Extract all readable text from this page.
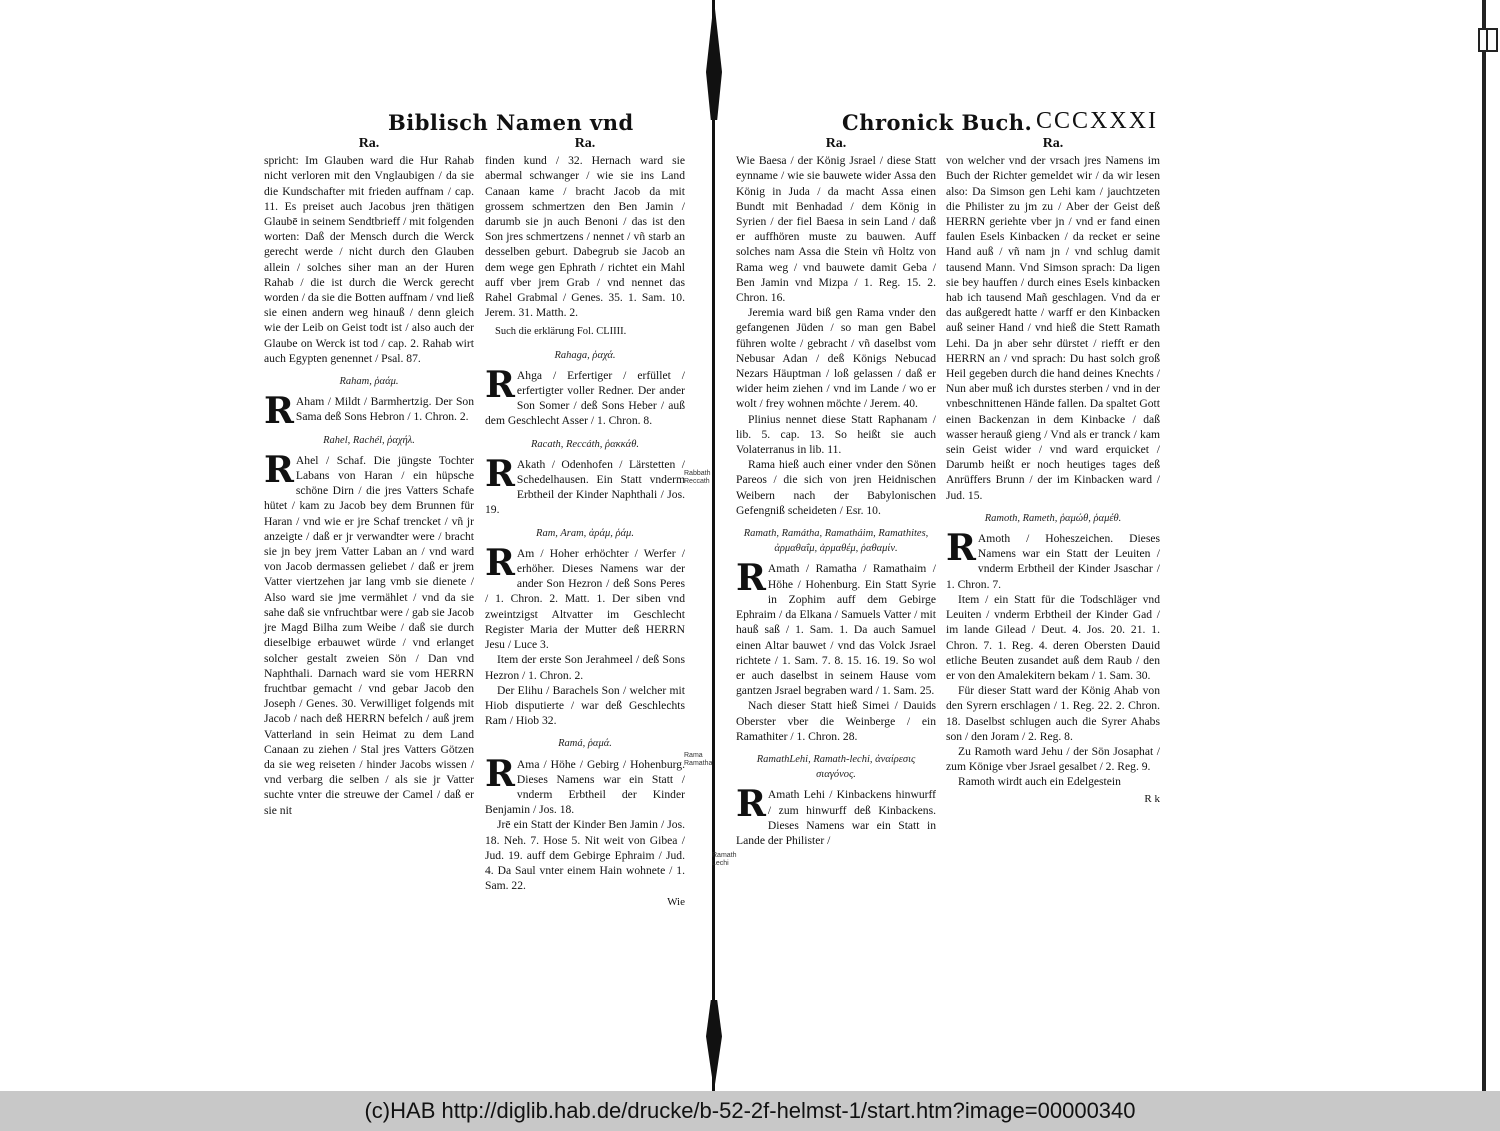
Biblisch Namen vnd	Chronick Buch. CCCXXXI
Ra.

spricht: Im Glauben ward die Hur Rahab nicht verloren mit den Vnglaubigen / da sie die Kundschafter mit frieden auffnam / cap. 11. Es preiset auch Jacobus jren thätigen Glaubē in seinem Sendtbrieff / mit folgenden worten: Daß der Mensch durch die Werck gerecht werde / nicht durch den Glauben allein / solches siher man an der Huren Rahab / die ist durch die Werck gerecht worden / da sie die Botten auffnam / vnd ließ sie einen andern weg hinauß / denn gleich wie der Leib on Geist todt ist / also auch der Glaube on Werck ist tod / cap. 2. Rahab wirt auch Egypten genennet / Psal. 87.

Raham, ῥαάμ.

R Aham / Mildt / Barmhertzig. Der Son Sama deß Sons Hebron / 1. Chron. 2.

Rahel, Rachél, ῥαχήλ.

R Ahel / Schaf. Die jüngste Tochter Labans von Haran / ein hüpsche schöne Dirn / die jres Vatters Schafe hütet / kam zu Jacob bey dem Brunnen für Haran / vnd wie er jre Schaf trencket / vñ jr anzeigte / daß er jr verwandter were / bracht sie jn bey jrem Vatter Laban an / vnd ward von Jacob dermassen geliebet / daß er jrem Vatter viertzehen jar lang vmb sie dienete / Also ward sie jme vermählet / vnd da sie sahe daß sie vnfruchtbar were / gab sie Jacob jre Magd Bilha zum Weibe / daß sie durch dieselbige erbauwet würde / vnd erlanget solcher gestalt zweien Sön / Dan vnd Naphthali. Darnach ward sie vom HERRN fruchtbar gemacht / vnd gebar Jacob den Joseph / Genes. 30. Verwilliget folgends mit Jacob / nach deß HERRN befelch / auß jrem Vatterland in sein Heimat zu dem Land Canaan zu ziehen / Stal jres Vatters Götzen da sie weg reiseten / hinder Jacobs wissen / vnd verbarg die selben / als sie jr Vatter suchte vnter die streuwe der Camel / daß er sie nit

Ra.

finden kund / 32. Hernach ward sie abermal schwanger / wie sie ins Land Canaan kame / bracht Jacob da mit grossem schmertzen den Ben Jamin / darumb sie jn auch Benoni / das ist den Son jres schmertzens / nennet / vñ starb an desselben geburt. Dabegrub sie Jacob an dem wege gen Ephrath / richtet ein Mahl auff vber jrem Grab / vnd nennet das Rahel Grabmal / Genes. 35. 1. Sam. 10. Jerem. 31. Matth. 2.

Such die erklärung Fol. CLIIII.
Rahaga, ῥαχά.

R Ahga / Erfertiger / erfüllet / erfertigter voller Redner. Der ander Son Somer / deß Sons Heber / auß dem Geschlecht Asser / 1. Chron. 8.

Racath, Reccáth, ῥακκάθ.

R Akath / Odenhofen / Lärstetten / Schedelhausen. Ein Statt vnderm Erbtheil der Kinder Naphthali / Jos. 19.

Ram, Aram, ἀράμ, ῥάμ.

R Am / Hoher erhöchter / Werfer / erhöher. Dieses Namens war der ander Son Hezron / deß Sons Peres / 1. Chron. 2. Matt. 1. Der siben vnd zweintzigst Altvatter im Geschlecht Register Maria der Mutter deß HERRN Jesu / Luce 3.

Item der erste Son Jerahmeel / deß Sons Hezron / 1. Chron. 2.

Der Elihu / Barachels Son / welcher mit Hiob disputierte / war deß Geschlechts Ram / Hiob 32.

Ramá, ῥαμά.

R Ama / Höhe / Gebirg / Hohenburg. Dieses Namens war ein Statt / vnderm Erbtheil der Kinder Benjamin / Jos. 18.

Jrē ein Statt der Kinder Ben Jamin / Jos. 18. Neh. 7. Hose 5. Nit weit von Gibea / Jud. 19. auff dem Gebirge Ephraim / Jud. 4. Da Saul vnter einem Hain wohnete / 1. Sam. 22.

Wie
Rabbath Reccath
Rama Ramatha
Ra.

Wie Baesa / der König Jsrael / diese Statt eynname / wie sie bauwete wider Assa den König in Juda / da macht Assa einen Bundt mit Benhadad / dem König in Syrien / der fiel Baesa in sein Land / daß er auffhören muste zu bauwen. Auff solches nam Assa die Stein vñ Holtz von Rama weg / vnd bauwete damit Geba / Ben Jamin vnd Mizpa / 1. Reg. 15. 2. Chron. 16.

Jeremia ward biß gen Rama vnder den gefangenen Jüden / so man gen Babel führen wolte / gebracht / vñ daselbst vom Nebusar Adan / deß Königs Nebucad Nezars Häuptman / loß gelassen / daß er wider heim ziehen / vnd im Lande / wo er wolt / frey wohnen möchte / Jerem. 40.

Plinius nennet diese Statt Raphanam / lib. 5. cap. 13. So heißt sie auch Volaterranus in lib. 11.

Rama hieß auch einer vnder den Sönen Pareos / die sich von jren Heidnischen Weibern nach der Babylonischen Gefengniß scheideten / Esr. 10.

Ramath, Ramátha, Ramatháim, Ramathites, ἀρμαθαΐμ, ἀρμαθέμ, ῥαθαμίν.

R Amath / Ramatha / Ramathaim / Höhe / Hohenburg. Ein Statt Syrie in Zophim auff dem Gebirge Ephraim / da Elkana / Samuels Vatter / mit hauß saß / 1. Sam. 1. Da auch Samuel einen Altar bauwet / vnd das Volck Jsrael richtete / 1. Sam. 7. 8. 15. 16. 19. So wol er auch daselbst in seinem Hause vom gantzen Jsrael begraben ward / 1. Sam. 25.

Nach dieser Statt hieß Simei / Dauids Oberster vber die Weinberge / ein Ramathiter / 1. Chron. 28.

RamathLehi, Ramath-lechi, ἀναίρεσις σιαγόνος.

R Amath Lehi / Kinbackens hinwurff / zum hinwurff deß Kinbackens. Dieses Namens war ein Statt in Lande der Philister /

Ramath Lechi
Ra.

von welcher vnd der vrsach jres Namens im Buch der Richter gemeldet wir / da wir lesen also: Da Simson gen Lehi kam / jauchtzeten die Philister zu jm zu / Aber der Geist deß HERRN geriehte vber jn / vnd er fand einen faulen Esels Kinbacken / da recket er seine Hand auß / vñ nam jn / vnd schlug damit tausend Mann. Vnd Simson sprach: Da ligen sie bey hauffen / durch eines Esels kinbacken hab ich tausend Mañ geschlagen. Vnd da er das außgeredt hatte / warff er den Kinbacken auß seiner Hand / vnd hieß die Stett Ramath Lehi. Da jn aber sehr dürstet / riefft er den HERRN an / vnd sprach: Du hast solch groß Heil gegeben durch die hand deines Knechts / Nun aber muß ich durstes sterben / vnd in der vnbeschnittenen Hände fallen. Da spaltet Gott einen Backenzan in dem Kinbacke / daß wasser herauß gieng / Vnd als er tranck / kam sein Geist wider / vnd ward erquicket / Darumb heißt er noch heutiges tages deß Anrüffers Brunn / der im Kinbacken ward / Jud. 15.

Ramoth, Rameth, ῥαμώθ, ῥαμέθ.

R Amoth / Hoheszeichen. Dieses Namens war ein Statt der Leuiten / vnderm Erbtheil der Kinder Jsaschar / 1. Chron. 7.

Item / ein Statt für die Todschläger vnd Leuiten / vnderm Erbtheil der Kinder Gad / im lande Gilead / Deut. 4. Jos. 20. 21. 1. Chron. 7. 1. Reg. 4. deren Obersten Dauid etliche Beuten zusandet auß dem Raub / den er von den Amalekitern bekam / 1. Sam. 30.

Für dieser Statt ward der König Ahab von den Syrern erschlagen / 1. Reg. 22. 2. Chron. 18. Daselbst schlugen auch die Syrer Ahabs son / den Joram / 2. Reg. 8.

Zu Ramoth ward Jehu / der Sön Josaphat / zum Könige vber Jsrael gesalbet / 2. Reg. 9.

Ramoth wirdt auch ein Edelgestein

R k
(c)HAB http://diglib.hab.de/drucke/b-52-2f-helmst-1/start.htm?image=00000340
